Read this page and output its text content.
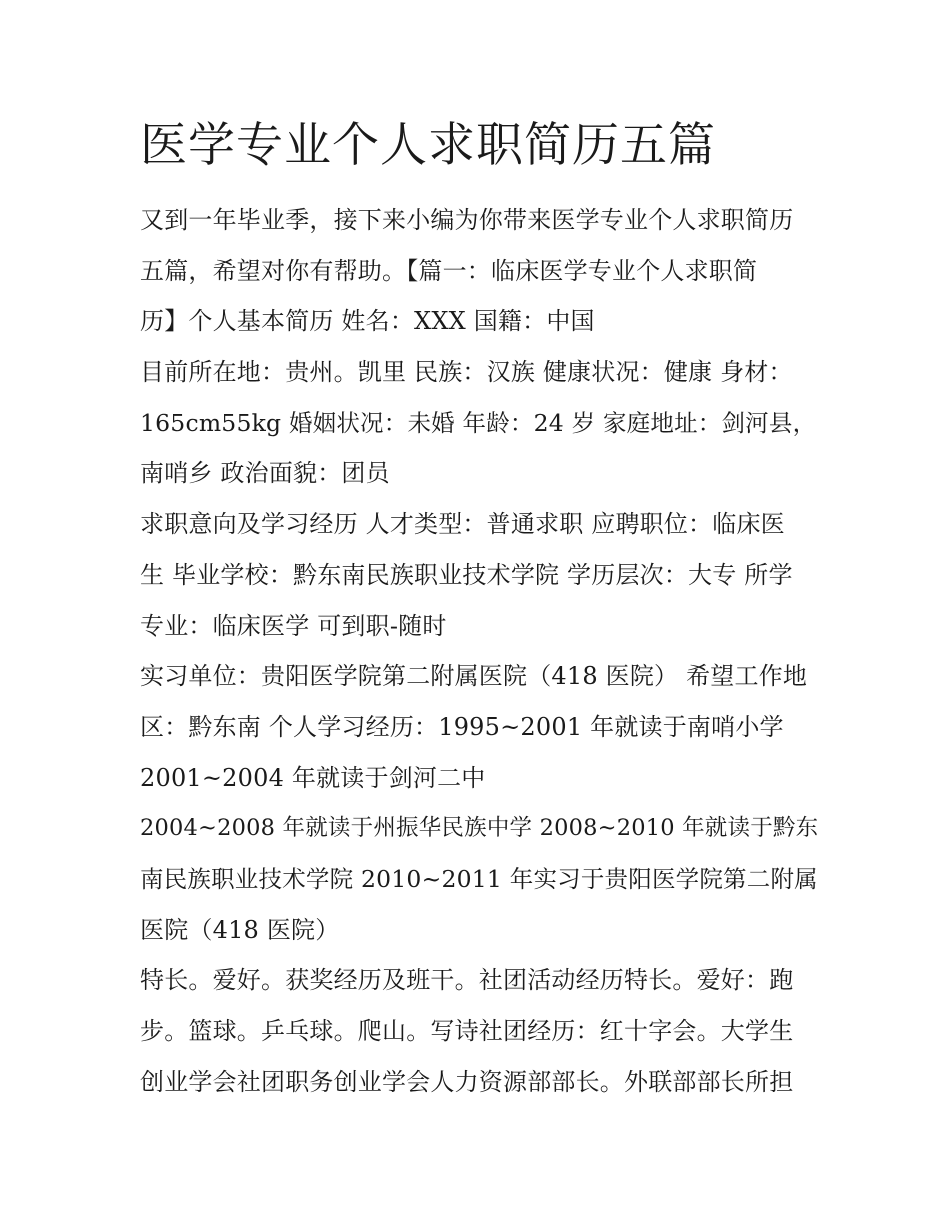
医学专业个人求职简历五篇
又到一年毕业季，接下来小编为你带来医学专业个人求职简历
五篇，希望对你有帮助。【篇一：临床医学专业个人求职简
历】个人基本简历 姓名：XXX 国籍：中国
目前所在地：贵州。凯里 民族：汉族 健康状况：健康 身材：
165cm55kg 婚姻状况：未婚 年龄：24 岁 家庭地址：剑河县，
南哨乡 政治面貌：团员
求职意向及学习经历 人才类型：普通求职 应聘职位：临床医
生 毕业学校：黔东南民族职业技术学院 学历层次：大专 所学
专业：临床医学 可到职-随时
实习单位：贵阳医学院第二附属医院（418 医院） 希望工作地
区：黔东南 个人学习经历：1995~2001 年就读于南哨小学
2001~2004 年就读于剑河二中
2004~2008 年就读于州振华民族中学 2008~2010 年就读于黔东
南民族职业技术学院 2010~2011 年实习于贵阳医学院第二附属
医院（418 医院）
特长。爱好。获奖经历及班干。社团活动经历特长。爱好：跑
步。篮球。乒乓球。爬山。写诗社团经历：红十字会。大学生
创业学会社团职务创业学会人力资源部部长。外联部部长所担
